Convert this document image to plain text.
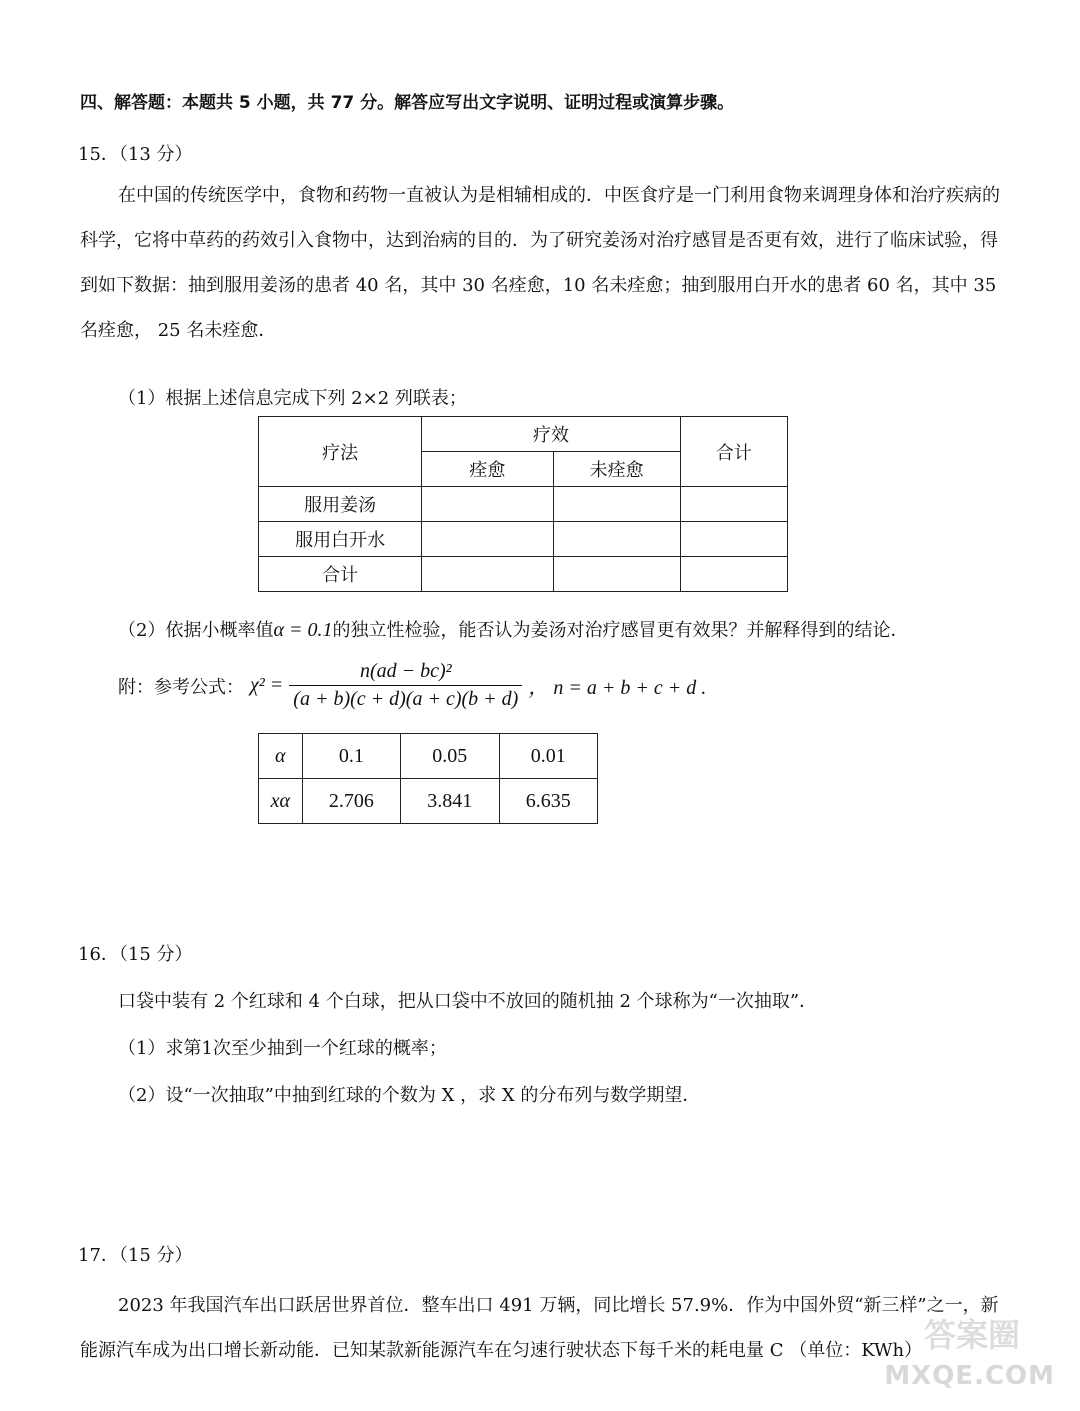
四、解答题：本题共 5 小题，共 77 分。解答应写出文字说明、证明过程或演算步骤。
15．（13 分）
在中国的传统医学中，食物和药物一直被认为是相辅相成的．中医食疗是一门利用食物来调理身体和治疗疾病的科学，它将中草药的药效引入食物中，达到治病的目的．为了研究姜汤对治疗感冒是否更有效，进行了临床试验，得到如下数据：抽到服用姜汤的患者 40 名，其中 30 名痊愈，10 名未痊愈；抽到服用白开水的患者 60 名，其中 35 名痊愈， 25 名未痊愈．
（1）根据上述信息完成下列 2×2 列联表；
疗法	疗效		合计
	痊愈	未痊愈	
服用姜汤			
服用白开水			
合计			
（2）依据小概率值α = 0.1的独立性检验，能否认为姜汤对治疗感冒更有效果？并解释得到的结论．
附：参考公式： $\chi^2 = \frac{\text{n(ad − bc)²}}{(a + b)(c + d)(a + c)(b + d)}$ ， n = a + b + c + d .
α	0.1	0.05	0.01
xα	2.706	3.841	6.635
16．（15 分）
口袋中装有 2 个红球和 4 个白球，把从口袋中不放回的随机抽 2 个球称为“一次抽取”．
（1）求第1次至少抽到一个红球的概率；
（2）设“一次抽取”中抽到红球的个数为 X ，求 X 的分布列与数学期望．
17．（15 分）
2023 年我国汽车出口跃居世界首位．整车出口 491 万辆，同比增长 57.9%．作为中国外贸“新三样”之一，新能源汽车成为出口增长新动能．已知某款新能源汽车在匀速行驶状态下每千米的耗电量 C （单位：KWh） 答案圈
MXQE.COM
